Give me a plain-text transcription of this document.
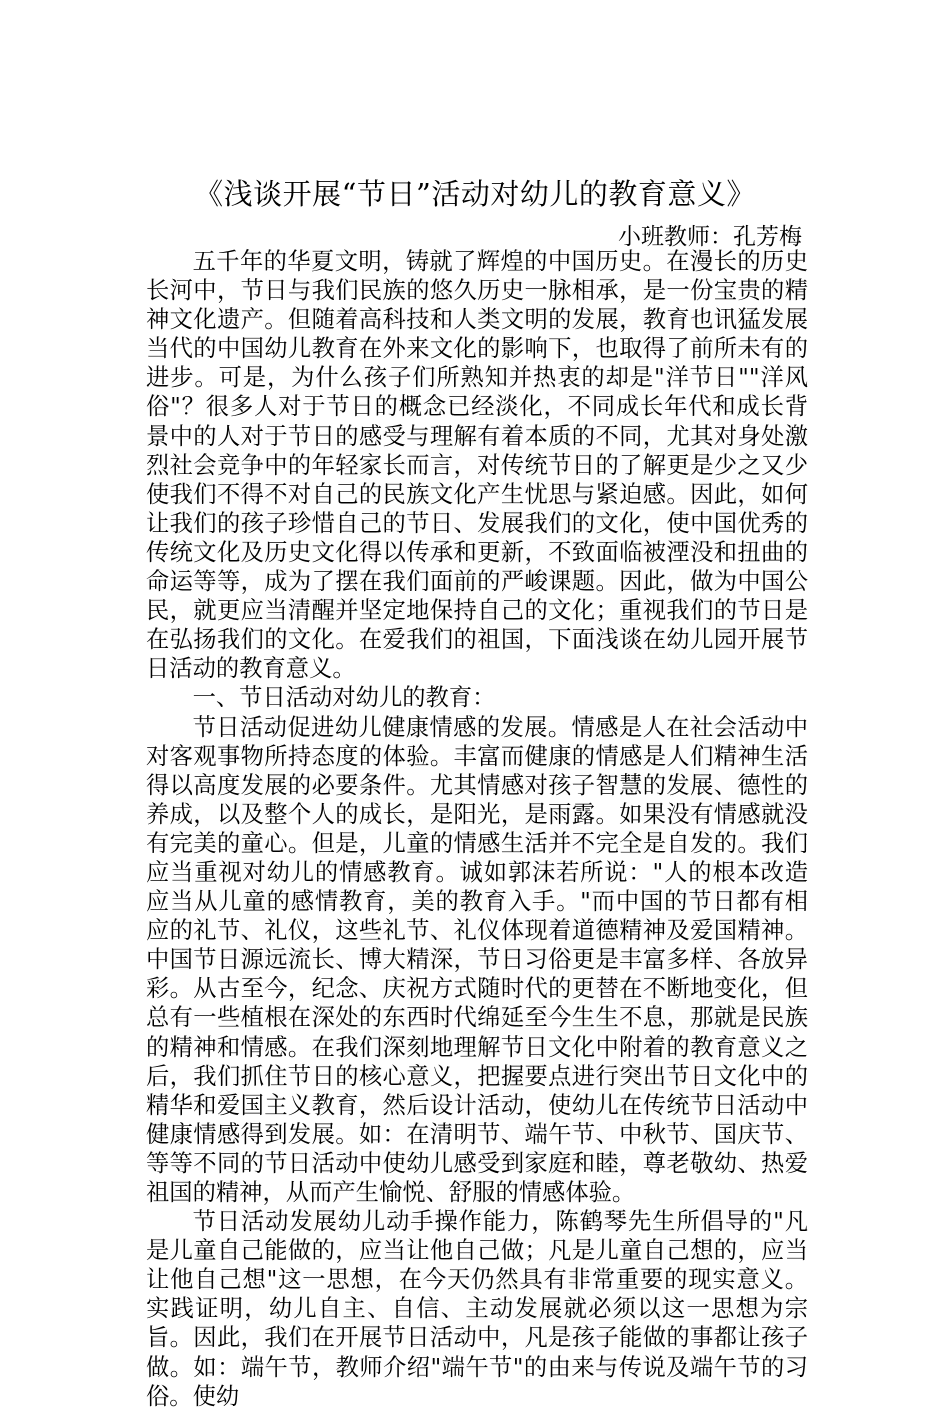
《浅谈开展“节日”活动对幼儿的教育意义》
小班教师：孔芳梅

五千年的华夏文明，铸就了辉煌的中国历史。在漫长的历史长河中，节日与我们民族的悠久历史一脉相承，是一份宝贵的精神文化遗产。但随着高科技和人类文明的发展，教育也讯猛发展当代的中国幼儿教育在外来文化的影响下，也取得了前所未有的进步。可是，为什么孩子们所熟知并热衷的却是"洋节日""洋风俗"？很多人对于节日的概念已经淡化，不同成长年代和成长背景中的人对于节日的感受与理解有着本质的不同，尤其对身处激烈社会竞争中的年轻家长而言，对传统节日的了解更是少之又少使我们不得不对自己的民族文化产生忧思与紧迫感。因此，如何让我们的孩子珍惜自己的节日、发展我们的文化，使中国优秀的传统文化及历史文化得以传承和更新，不致面临被湮没和扭曲的命运等等，成为了摆在我们面前的严峻课题。因此，做为中国公民，就更应当清醒并坚定地保持自己的文化；重视我们的节日是在弘扬我们的文化。在爱我们的祖国，下面浅谈在幼儿园开展节日活动的教育意义。

一、节日活动对幼儿的教育：

节日活动促进幼儿健康情感的发展。情感是人在社会活动中对客观事物所持态度的体验。丰富而健康的情感是人们精神生活得以高度发展的必要条件。尤其情感对孩子智慧的发展、德性的养成，以及整个人的成长，是阳光，是雨露。如果没有情感就没有完美的童心。但是，儿童的情感生活并不完全是自发的。我们应当重视对幼儿的情感教育。诚如郭沫若所说："人的根本改造应当从儿童的感情教育，美的教育入手。"而中国的节日都有相应的礼节、礼仪，这些礼节、礼仪体现着道德精神及爱国精神。中国节日源远流长、博大精深，节日习俗更是丰富多样、各放异彩。从古至今，纪念、庆祝方式随时代的更替在不断地变化，但总有一些植根在深处的东西时代绵延至今生生不息，那就是民族的精神和情感。在我们深刻地理解节日文化中附着的教育意义之后，我们抓住节日的核心意义，把握要点进行突出节日文化中的精华和爱国主义教育，然后设计活动，使幼儿在传统节日活动中健康情感得到发展。如：在清明节、端午节、中秋节、国庆节、等等不同的节日活动中使幼儿感受到家庭和睦，尊老敬幼、热爱祖国的精神，从而产生愉悦、舒服的情感体验。

节日活动发展幼儿动手操作能力，陈鹤琴先生所倡导的"凡是儿童自己能做的，应当让他自己做；凡是儿童自己想的，应当让他自己想"这一思想，在今天仍然具有非常重要的现实意义。实践证明，幼儿自主、自信、主动发展就必须以这一思想为宗旨。因此，我们在开展节日活动中，凡是孩子能做的事都让孩子做。如：端午节，教师介绍"端午节"的由来与传说及端午节的习俗。使幼
